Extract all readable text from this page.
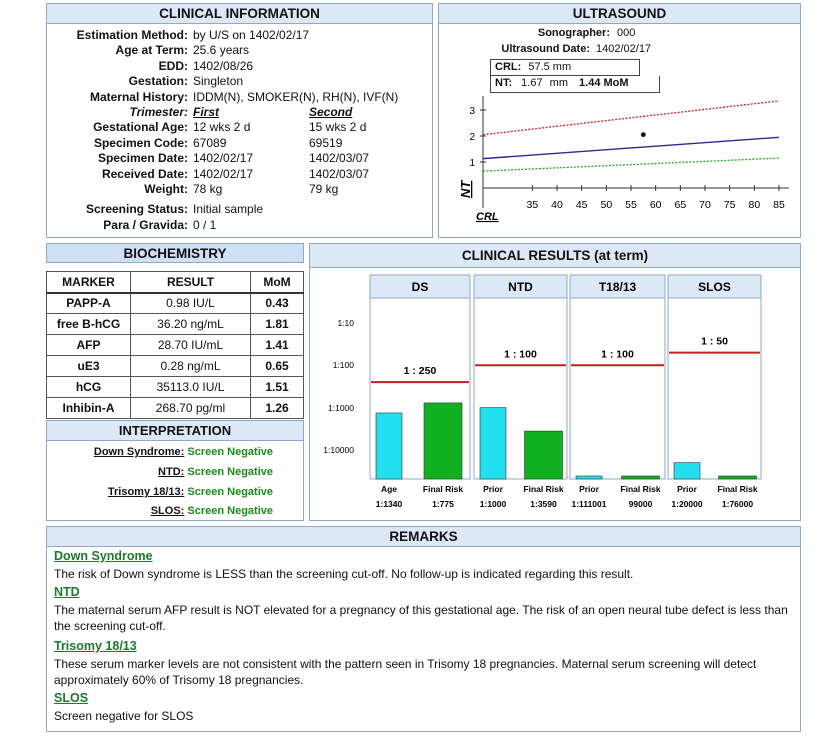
CLINICAL INFORMATION
Estimation Method: by U/S on 1402/02/17
Age at Term: 25.6 years
EDD: 1402/08/26
Gestation: Singleton
Maternal History: IDDM(N), SMOKER(N), RH(N), IVF(N)
Trimester: First	Second
Gestational Age: 12 wks 2 d	15 wks 2 d
Specimen Code: 67089	69519
Specimen Date: 1402/02/17	1402/03/07
Received Date: 1402/02/17	1402/03/07
Weight: 78 kg	79 kg
Screening Status: Initial sample
Para / Gravida: 0 / 1
ULTRASOUND
Sonographer: 000
Ultrasound Date: 1402/02/17
CRL: 57.5 mm
NT: 1.67 mm 1.44 MoM
1
2
3
35 40 45 50 55 60 65 70 75 80 85
NT
CRL
BIOCHEMISTRY
MARKER	RESULT	MoM
PAPP-A	0.98 IU/L	0.43
free B-hCG	36.20 ng/mL	1.81
AFP	28.70 IU/mL	1.41
uE3	0.28 ng/mL	0.65
hCG	35113.0 IU/L	1.51
Inhibin-A	268.70 pg/ml	1.26
INTERPRETATION
Down Syndrome: Screen Negative
NTD: Screen Negative
Trisomy 18/13: Screen Negative
SLOS: Screen Negative
CLINICAL RESULTS (at term)
1:10
1:100
1:1000
1:10000
DS
1 : 250
Age
1:1340
Final Risk
1:775
NTD
1 : 100
Prior
1:1000
Final Risk
1:3590
T18/13
1 : 100
Prior
1:111001
Final Risk
99000
SLOS
1 : 50
Prior
1:20000
Final Risk
1:76000
REMARKS
Down Syndrome
The risk of Down syndrome is LESS than the screening cut-off. No follow-up is indicated regarding this result.
NTD
The maternal serum AFP result is NOT elevated for a pregnancy of this gestational age. The risk of an open neural tube defect is less than the screening cut-off.
Trisomy 18/13
These serum marker levels are not consistent with the pattern seen in Trisomy 18 pregnancies. Maternal serum screening will detect approximately 60% of Trisomy 18 pregnancies.
SLOS
Screen negative for SLOS
